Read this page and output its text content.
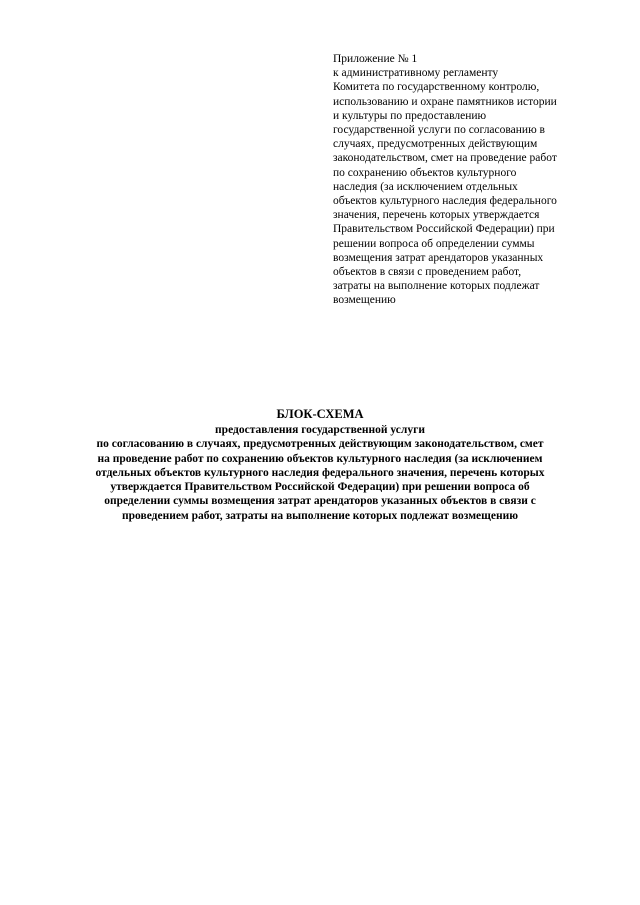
Приложение № 1
к административному регламенту
Комитета по государственному контролю,
использованию и охране памятников истории
и культуры по предоставлению
государственной услуги по согласованию в
случаях, предусмотренных действующим
законодательством, смет на проведение работ
по сохранению объектов культурного
наследия (за исключением отдельных
объектов культурного наследия федерального
значения, перечень которых утверждается
Правительством Российской Федерации) при
решении вопроса об определении суммы
возмещения затрат арендаторов указанных
объектов в связи с проведением работ,
затраты на выполнение которых подлежат
возмещению
БЛОК-СХЕМА
предоставления государственной услуги
по согласованию в случаях, предусмотренных действующим законодательством, смет
на проведение работ по сохранению объектов культурного наследия (за исключением
отдельных объектов культурного наследия федерального значения, перечень которых
утверждается Правительством Российской Федерации) при решении вопроса об
определении суммы возмещения затрат арендаторов указанных объектов в связи с
проведением работ, затраты на выполнение которых подлежат возмещению
